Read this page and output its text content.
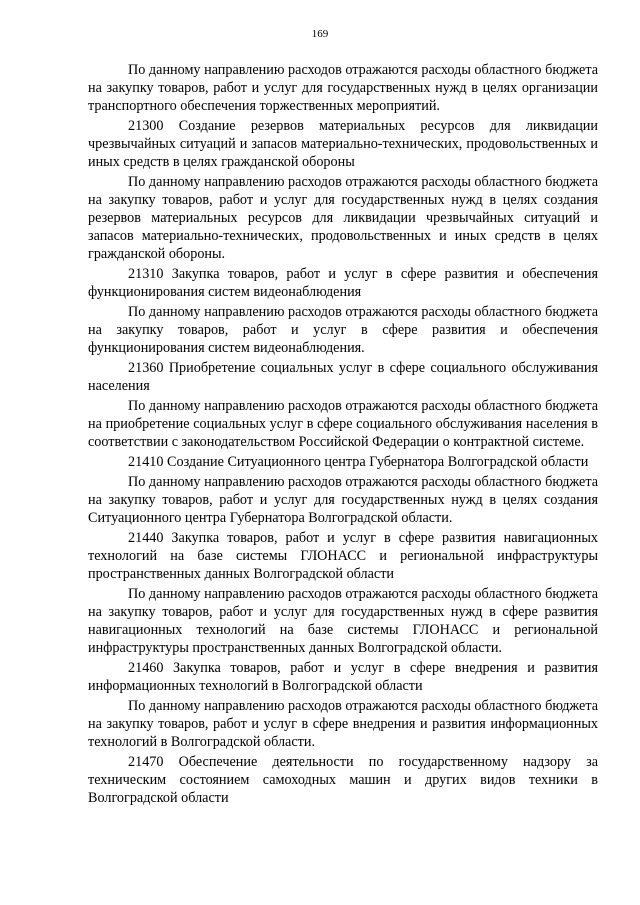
169

По данному направлению расходов отражаются расходы областного бюджета на закупку товаров, работ и услуг для государственных нужд в целях организации транспортного обеспечения торжественных мероприятий.

21300 Создание резервов материальных ресурсов для ликвидации чрезвычайных ситуаций и запасов материально-технических, продовольственных и иных средств в целях гражданской обороны

По данному направлению расходов отражаются расходы областного бюджета на закупку товаров, работ и услуг для государственных нужд в целях создания резервов материальных ресурсов для ликвидации чрезвычайных ситуаций и запасов материально-технических, продовольственных и иных средств в целях гражданской обороны.

21310 Закупка товаров, работ и услуг в сфере развития и обеспечения функционирования систем видеонаблюдения

По данному направлению расходов отражаются расходы областного бюджета на закупку товаров, работ и услуг в сфере развития и обеспечения функционирования систем видеонаблюдения.

21360 Приобретение социальных услуг в сфере социального обслуживания населения

По данному направлению расходов отражаются расходы областного бюджета на приобретение социальных услуг в сфере социального обслуживания населения в соответствии с законодательством Российской Федерации о контрактной системе.

21410 Создание Ситуационного центра Губернатора Волгоградской области

По данному направлению расходов отражаются расходы областного бюджета на закупку товаров, работ и услуг для государственных нужд в целях создания Ситуационного центра Губернатора Волгоградской области.

21440 Закупка товаров, работ и услуг в сфере развития навигационных технологий на базе системы ГЛОНАСС и региональной инфраструктуры пространственных данных Волгоградской области

По данному направлению расходов отражаются расходы областного бюджета на закупку товаров, работ и услуг для государственных нужд в сфере развития навигационных технологий на базе системы ГЛОНАСС и региональной инфраструктуры пространственных данных Волгоградской области.

21460 Закупка товаров, работ и услуг в сфере внедрения и развития информационных технологий в Волгоградской области

По данному направлению расходов отражаются расходы областного бюджета на закупку товаров, работ и услуг в сфере внедрения и развития информационных технологий в Волгоградской области.

21470 Обеспечение деятельности по государственному надзору за техническим состоянием самоходных машин и других видов техники в Волгоградской области
